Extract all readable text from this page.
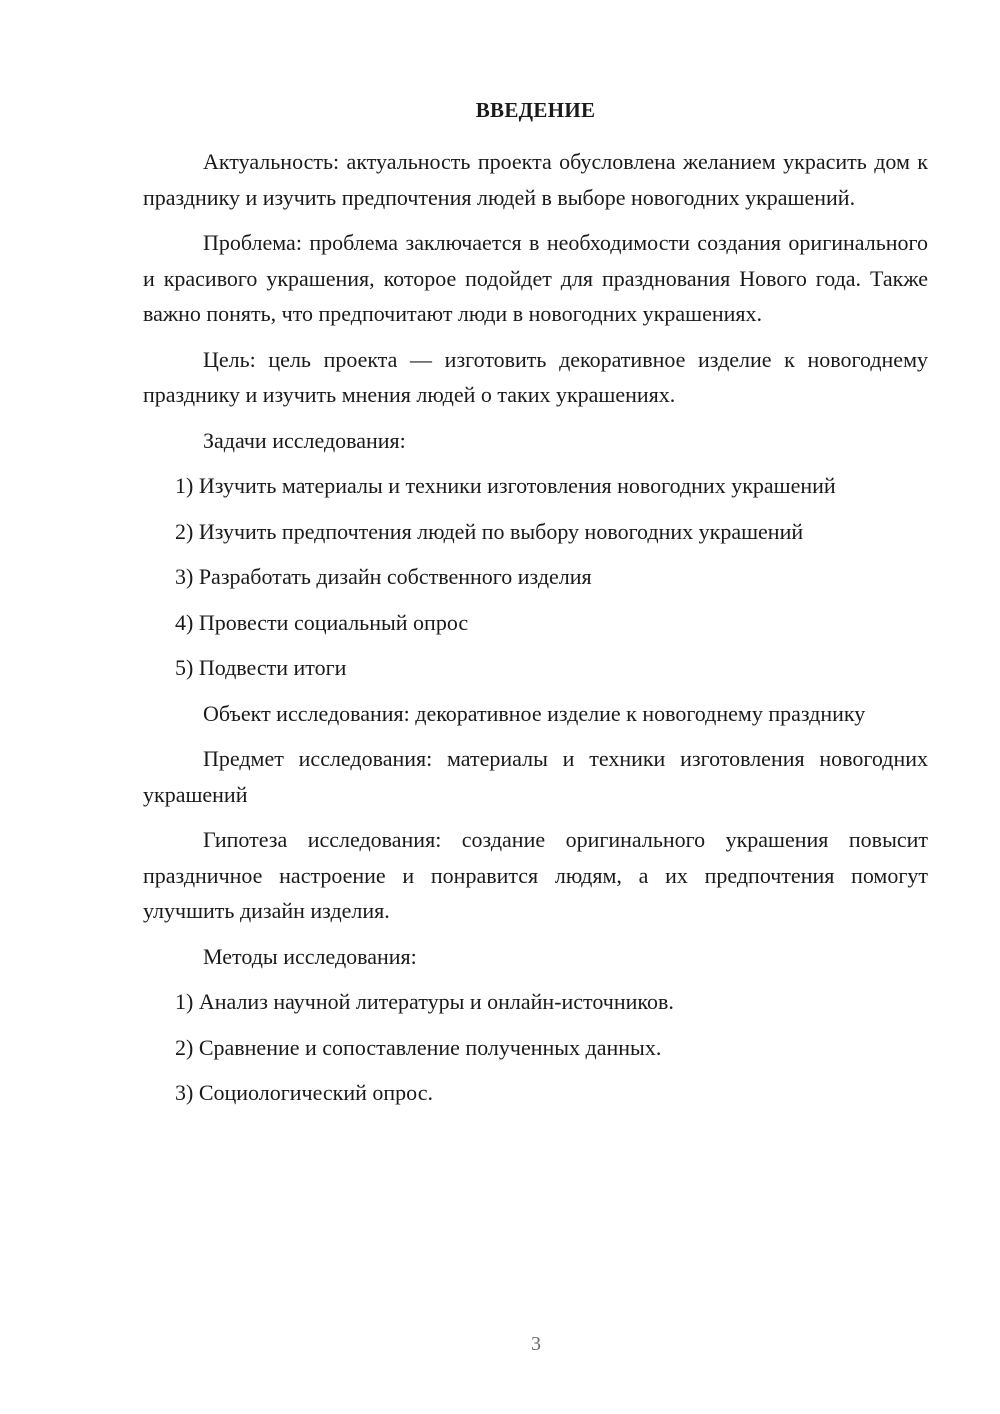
ВВЕДЕНИЕ

Актуальность: актуальность проекта обусловлена желанием украсить дом к празднику и изучить предпочтения людей в выборе новогодних украшений.

Проблема: проблема заключается в необходимости создания оригинального и красивого украшения, которое подойдет для празднования Нового года. Также важно понять, что предпочитают люди в новогодних украшениях.

Цель: цель проекта — изготовить декоративное изделие к новогоднему празднику и изучить мнения людей о таких украшениях.

Задачи исследования:

1) Изучить материалы и техники изготовления новогодних украшений
2) Изучить предпочтения людей по выбору новогодних украшений
3) Разработать дизайн собственного изделия
4) Провести социальный опрос
5) Подвести итоги

Объект исследования: декоративное изделие к новогоднему празднику

Предмет исследования: материалы и техники изготовления новогодних украшений

Гипотеза исследования: создание оригинального украшения повысит праздничное настроение и понравится людям, а их предпочтения помогут улучшить дизайн изделия.

Методы исследования:

1) Анализ научной литературы и онлайн-источников.
2) Сравнение и сопоставление полученных данных.
3) Социологический опрос.
3
